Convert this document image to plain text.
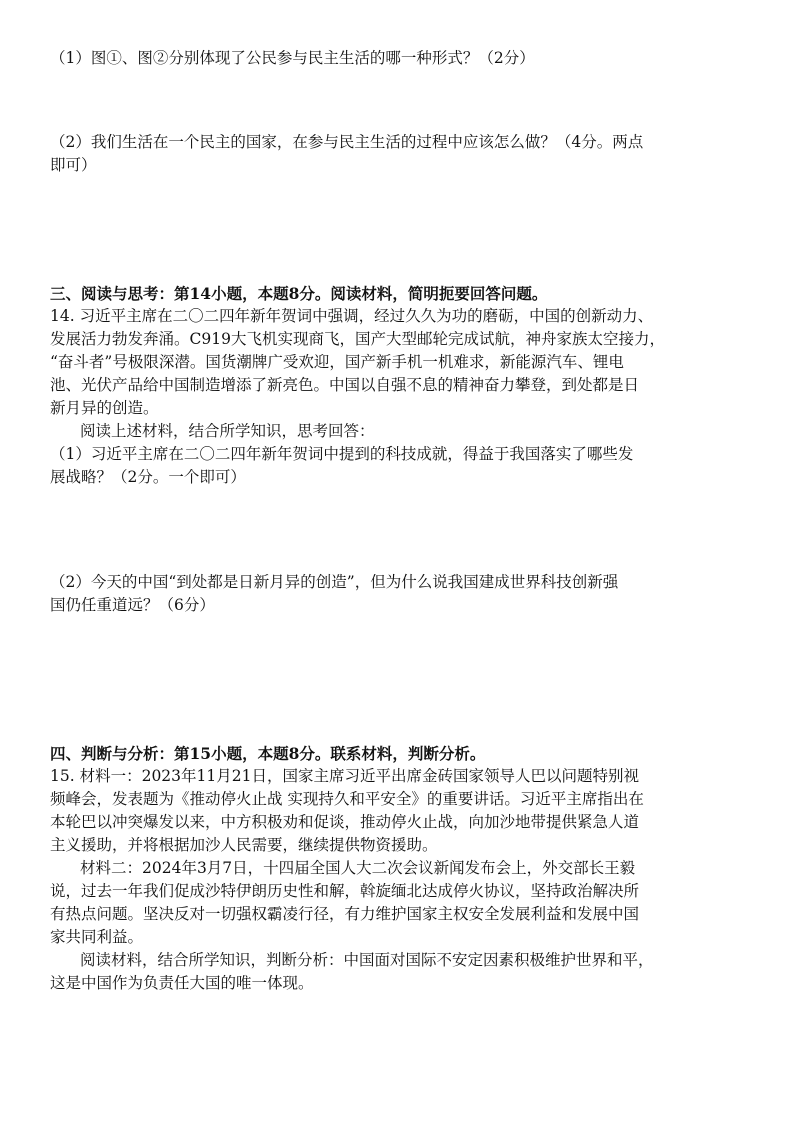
（1）图①、图②分别体现了公民参与民主生活的哪一种形式？（2分）
（2）我们生活在一个民主的国家，在参与民主生活的过程中应该怎么做？（4分。两点
即可）
三、阅读与思考：第14小题，本题8分。阅读材料，简明扼要回答问题。
14. 习近平主席在二〇二四年新年贺词中强调，经过久久为功的磨砺，中国的创新动力、
发展活力勃发奔涌。C919大飞机实现商飞，国产大型邮轮完成试航，神舟家族太空接力，
“奋斗者”号极限深潜。国货潮牌广受欢迎，国产新手机一机难求，新能源汽车、锂电
池、光伏产品给中国制造增添了新亮色。中国以自强不息的精神奋力攀登，到处都是日
新月异的创造。
阅读上述材料，结合所学知识，思考回答：
（1）习近平主席在二〇二四年新年贺词中提到的科技成就，得益于我国落实了哪些发
展战略？（2分。一个即可）
（2）今天的中国“到处都是日新月异的创造”，但为什么说我国建成世界科技创新强
国仍任重道远？（6分）
四、判断与分析：第15小题，本题8分。联系材料，判断分析。
15. 材料一：2023年11月21日，国家主席习近平出席金砖国家领导人巴以问题特别视
频峰会，发表题为《推动停火止战 实现持久和平安全》的重要讲话。习近平主席指出在
本轮巴以冲突爆发以来，中方积极劝和促谈，推动停火止战，向加沙地带提供紧急人道
主义援助，并将根据加沙人民需要，继续提供物资援助。
材料二：2024年3月7日，十四届全国人大二次会议新闻发布会上，外交部长王毅
说，过去一年我们促成沙特伊朗历史性和解，斡旋缅北达成停火协议，坚持政治解决所
有热点问题。坚决反对一切强权霸凌行径，有力维护国家主权安全发展利益和发展中国
家共同利益。
阅读材料，结合所学知识，判断分析：中国面对国际不安定因素积极维护世界和平，
这是中国作为负责任大国的唯一体现。
